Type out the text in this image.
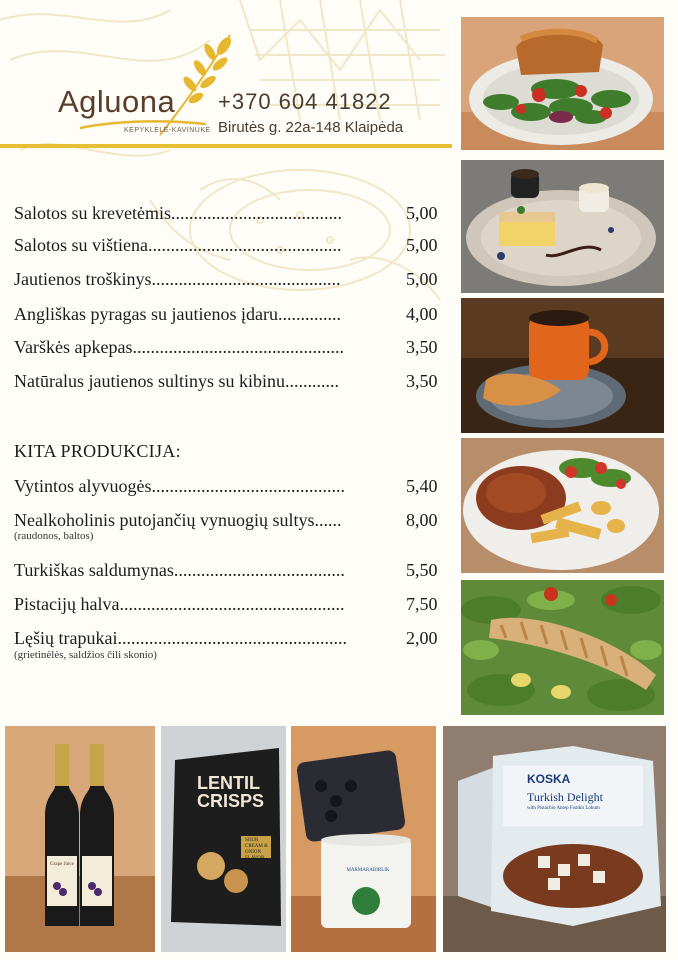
Agluona
KEPYKLĖLĖ-KAVINUKĖ
+370 604 41822
Birutės g. 22a-148 Klaipėda
Salotos su krevetėmis......................................	5,00
Salotos su vištiena...........................................	5,00
Jautienos troškinys..........................................	5,00
Angliškas pyragas su jautienos įdaru..............	4,00
Varškės apkepas...............................................	3,50
Natūralus jautienos sultinys su kibinu............	3,50
KITA PRODUKCIJA:
Vytintos alyvuogės...........................................	5,40
Nealkoholinis putojančių vynuogių sultys......	8,00
(raudonos, baltos)
Turkiškas saldumynas......................................	5,50
Pistacijų halva..................................................	7,50
Lęšių trapukai...................................................	2,00
(grietinėlės, saldžios čili skonio)
Grape Juice
LENTIL CRISPS
SOUR CREAM & ONION FLAVOR
MARMARABIRLIK
KOSKA
Turkish Delight
with Pistachio Antep Fıstıklı Lokum
